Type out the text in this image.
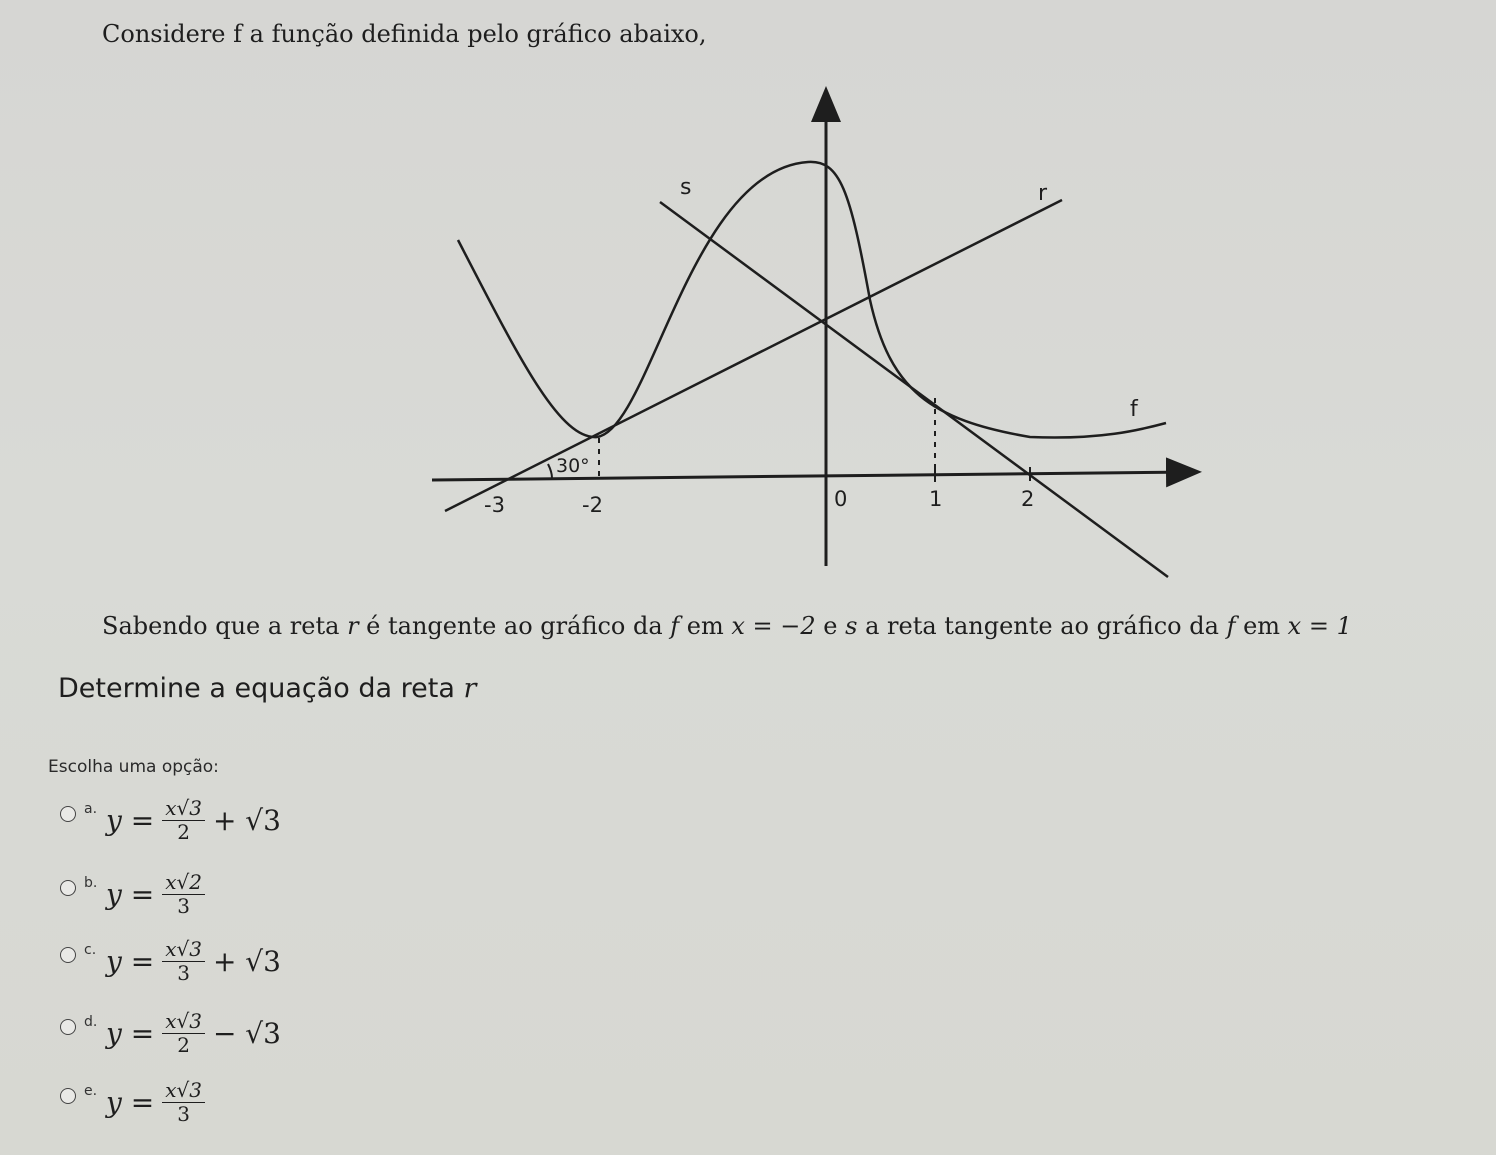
Considere f a função definida pelo gráfico abaixo,
s	r
f
30°
-3	-2	0	1	2
Sabendo que a reta r é tangente ao gráfico da f em x = −2 e s a reta tangente ao gráfico da f em x = 1
Determine a equação da reta r
Escolha uma opção:
a. $y = \frac{x√3}{2} + √3$
b. $y = \frac{x√2}{3}$
c. $y = \frac{x√3}{3} + √3$
d. $y = \frac{x√3}{2} - √3$
e. $y = \frac{x√3}{3}$
